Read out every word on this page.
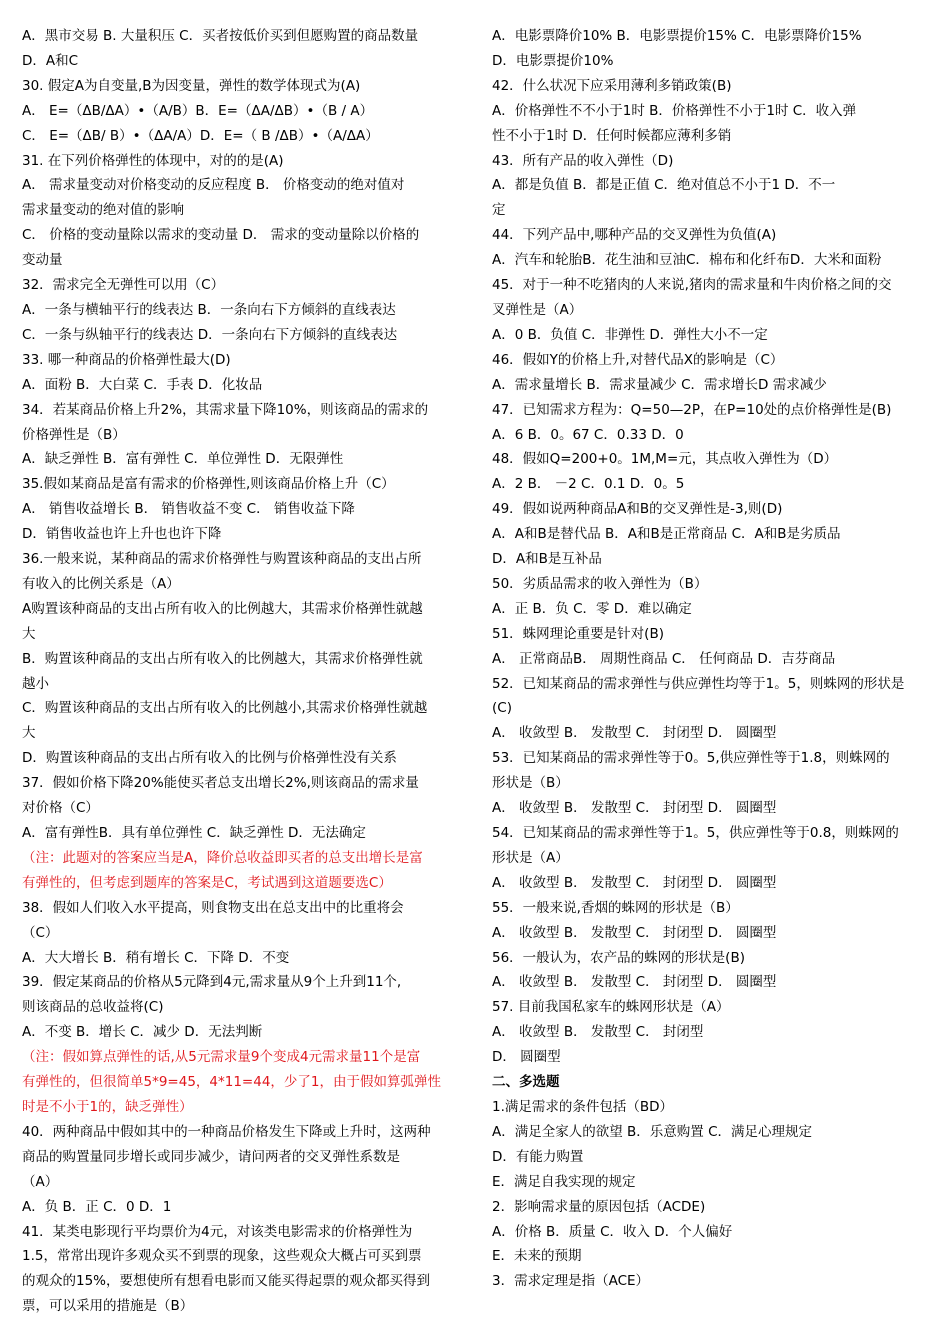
A．黑市交易 B. 大量积压 C．买者按低价买到但愿购置的商品数量
D．A和C
30. 假定A为自变量,B为因变量，弹性的数学体现式为(A)
A． E=（ΔB/ΔA）•（A/B）B．E=（ΔA/ΔB）•（B / A）
C． E=（ΔB/ B）•（ΔA/A）D．E=（ B /ΔB）•（A/ΔA）
31. 在下列价格弹性的体现中，对的的是(A)
A． 需求量变动对价格变动的反应程度 B． 价格变动的绝对值对
需求量变动的绝对值的影响
C． 价格的变动量除以需求的变动量 D． 需求的变动量除以价格的
变动量
32．需求完全无弹性可以用（C）
A．一条与横轴平行的线表达 B．一条向右下方倾斜的直线表达
C．一条与纵轴平行的线表达 D．一条向右下方倾斜的直线表达
33. 哪一种商品的价格弹性最大(D)
A．面粉 B．大白菜 C．手表 D．化妆品
34．若某商品价格上升2%，其需求量下降10%，则该商品的需求的
价格弹性是（B）
A．缺乏弹性 B．富有弹性 C．单位弹性 D．无限弹性
35.假如某商品是富有需求的价格弹性,则该商品价格上升（C）
A． 销售收益增长 B． 销售收益不变 C． 销售收益下降
D．销售收益也许上升也也许下降
36.一般来说，某种商品的需求价格弹性与购置该种商品的支出占所
有收入的比例关系是（A）
A购置该种商品的支出占所有收入的比例越大，其需求价格弹性就越
大
B．购置该种商品的支出占所有收入的比例越大，其需求价格弹性就
越小
C．购置该种商品的支出占所有收入的比例越小,其需求价格弹性就越
大
D．购置该种商品的支出占所有收入的比例与价格弹性没有关系
37．假如价格下降20%能使买者总支出增长2%,则该商品的需求量
对价格（C）
A．富有弹性B．具有单位弹性 C．缺乏弹性 D．无法确定
（注：此题对的答案应当是A，降价总收益即买者的总支出增长是富
有弹性的，但考虑到题库的答案是C，考试遇到这道题要选C）
38．假如人们收入水平提高，则食物支出在总支出中的比重将会
（C）
A．大大增长 B．稍有增长 C．下降 D．不变
39．假定某商品的价格从5元降到4元,需求量从9个上升到11个,
则该商品的总收益将(C)
A．不变 B．增长 C．减少 D．无法判断
（注：假如算点弹性的话,从5元需求量9个变成4元需求量11个是富
有弹性的，但很简单5*9=45，4*11=44，少了1，由于假如算弧弹性
时是不小于1的，缺乏弹性）
40．两种商品中假如其中的一种商品价格发生下降或上升时，这两种
商品的购置量同步增长或同步减少，请问两者的交叉弹性系数是
（A）
A．负 B．正 C．0 D．1
41．某类电影现行平均票价为4元，对该类电影需求的价格弹性为
1.5，常常出现许多观众买不到票的现象，这些观众大概占可买到票
的观众的15%，要想使所有想看电影而又能买得起票的观众都买得到
票，可以采用的措施是（B）
A．电影票降价10% B．电影票提价15% C．电影票降价15%
D．电影票提价10%
42．什么状况下应采用薄利多销政策(B)
A．价格弹性不不小于1时 B．价格弹性不小于1时 C．收入弹
性不小于1时 D．任何时候都应薄利多销
43．所有产品的收入弹性（D)
A．都是负值 B．都是正值 C．绝对值总不小于1 D．不一
定
44．下列产品中,哪种产品的交叉弹性为负值(A)
A．汽车和轮胎B．花生油和豆油C．棉布和化纤布D．大米和面粉
45．对于一种不吃猪肉的人来说,猪肉的需求量和牛肉价格之间的交
叉弹性是（A）
A．0 B．负值 C．非弹性 D．弹性大小不一定
46．假如Y的价格上升,对替代品X的影响是（C）
A．需求量增长 B．需求量减少 C．需求增长D 需求减少
47．已知需求方程为：Q=50—2P，在P=10处的点价格弹性是(B)
A．6 B．0。67 C．0.33 D．0
48．假如Q=200+0。1M,M=元，其点收入弹性为（D）
A．2 B． －2 C．0.1 D．0。5
49．假如说两种商品A和B的交叉弹性是-3,则(D)
A．A和B是替代品 B．A和B是正常商品 C．A和B是劣质品
D．A和B是互补品
50．劣质品需求的收入弹性为（B）
A．正 B．负 C．零 D．难以确定
51．蛛网理论重要是针对(B)
A． 正常商品B． 周期性商品 C． 任何商品 D．吉芬商品
52．已知某商品的需求弹性与供应弹性均等于1。5，则蛛网的形状是
(C)
A． 收敛型 B． 发散型 C． 封闭型 D． 圆圈型
53．已知某商品的需求弹性等于0。5,供应弹性等于1.8，则蛛网的
形状是（B）
A． 收敛型 B． 发散型 C． 封闭型 D． 圆圈型
54．已知某商品的需求弹性等于1。5，供应弹性等于0.8，则蛛网的
形状是（A）
A． 收敛型 B． 发散型 C． 封闭型 D． 圆圈型
55．一般来说,香烟的蛛网的形状是（B）
A． 收敛型 B． 发散型 C． 封闭型 D． 圆圈型
56．一般认为，农产品的蛛网的形状是(B)
A． 收敛型 B． 发散型 C． 封闭型 D． 圆圈型
57. 目前我国私家车的蛛网形状是（A）
A． 收敛型 B． 发散型 C． 封闭型
D． 圆圈型
二、多选题
1.满足需求的条件包括（BD）
A．满足全家人的欲望 B．乐意购置 C．满足心理规定
D．有能力购置
E．满足自我实现的规定
2．影响需求量的原因包括（ACDE)
A．价格 B．质量 C．收入 D．个人偏好
E．未来的预期
3．需求定理是指（ACE）
